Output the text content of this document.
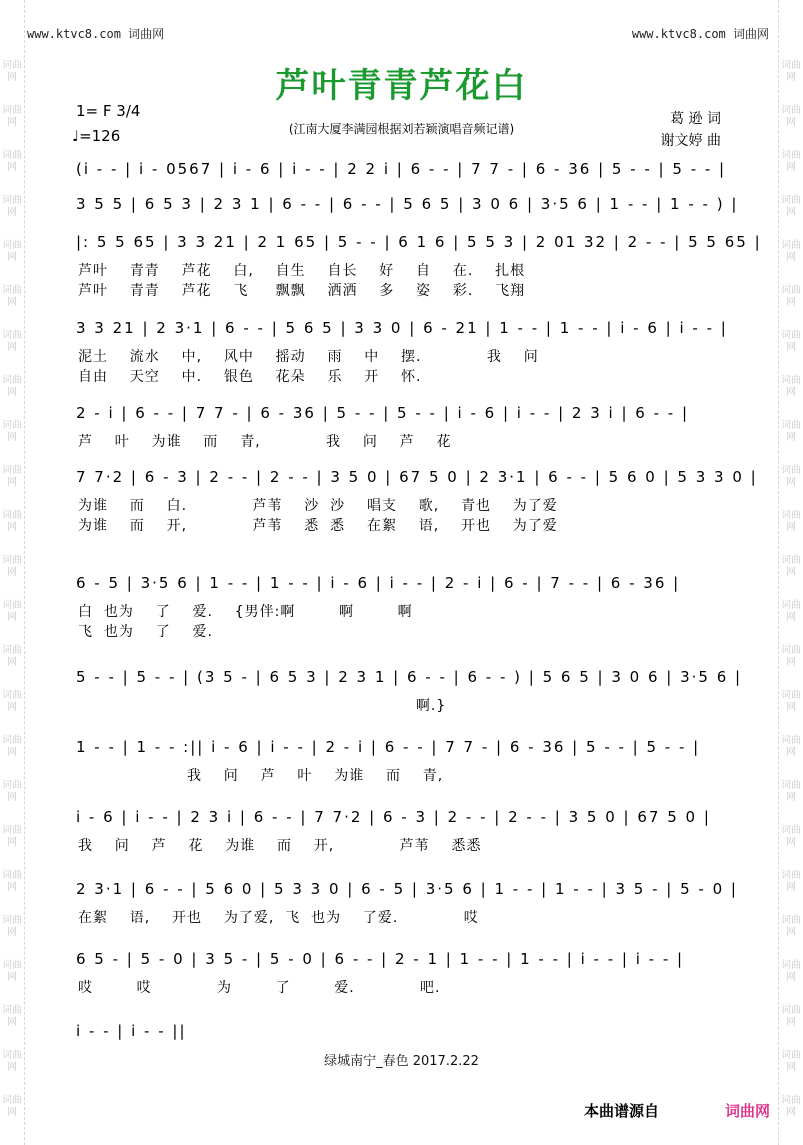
词曲网
词曲网
词曲网
词曲网
词曲网
词曲网
词曲网
词曲网
词曲网
词曲网
词曲网
词曲网
词曲网
词曲网
词曲网
词曲网
词曲网
词曲网
词曲网
词曲网
词曲网
词曲网
词曲网
词曲网
词曲网
词曲网
词曲网
词曲网
词曲网
词曲网
词曲网
词曲网
词曲网
词曲网
词曲网
词曲网
词曲网
词曲网
词曲网
词曲网
词曲网
词曲网
词曲网
词曲网
词曲网
词曲网
词曲网
词曲网
www.ktvc8.com 词曲网	www.ktvc8.com 词曲网
芦叶青青芦花白
(江南大厦李满园根据刘若颖演唱音频记谱)
1= F 3/4
♩=126
葛 逊 词
谢文婷 曲
(i - - | i - 0567 | i - 6 | i - - | 2 2 i | 6 - - | 7 7 - | 6 - 36 | 5 - - | 5 - - |
3 5 5 | 6 5 3 | 2 3 1 | 6 - - | 6 - - | 5 6 5 | 3 0 6 | 3·5 6 | 1 - - | 1 - - ) |
|: 5 5 65 | 3 3 21 | 2 1 65 | 5 - - | 6 1 6 | 5 5 3 | 2 01 32 | 2 - - | 5 5 65 |
芦叶    青青    芦花    白,    自生    自长    好    自    在.    扎根
芦叶    青青    芦花    飞     飘飘    洒洒    多    姿    彩.    飞翔
3 3 21 | 2 3·1 | 6 - - | 5 6 5 | 3 3 0 | 6 - 21 | 1 - - | 1 - - | i - 6 | i - - |
泥土    流水    中,    风中    摇动    雨    中    摆.            我    问
自由    天空    中.    银色    花朵    乐    开    怀.
2 - i | 6 - - | 7 7 - | 6 - 36 | 5 - - | 5 - - | i - 6 | i - - | 2 3 i | 6 - - |
芦    叶    为谁    而    青,            我    问    芦    花
7 7·2 | 6 - 3 | 2 - - | 2 - - | 3 5 0 | 67 5 0 | 2 3·1 | 6 - - | 5 6 0 | 5 3 3 0 |
为谁    而    白.            芦苇    沙  沙    唱支    歌,    青也    为了爱
为谁    而    开,            芦苇    悉  悉    在絮    语,    开也    为了爱
6 - 5 | 3·5 6 | 1 - - | 1 - - | i - 6 | i - - | 2 - i | 6 - | 7 - - | 6 - 36 |
白  也为    了    爱.    {男伴:啊        啊        啊
飞  也为    了    爱.
5 - - | 5 - - | (3 5 - | 6 5 3 | 2 3 1 | 6 - - | 6 - - ) | 5 6 5 | 3 0 6 | 3·5 6 |
啊.}
1 - - | 1 - - :|| i - 6 | i - - | 2 - i | 6 - - | 7 7 - | 6 - 36 | 5 - - | 5 - - |
我    问    芦    叶    为谁    而    青,
i - 6 | i - - | 2 3 i | 6 - - | 7 7·2 | 6 - 3 | 2 - - | 2 - - | 3 5 0 | 67 5 0 |
我    问    芦    花    为谁    而    开,            芦苇    悉悉
2 3·1 | 6 - - | 5 6 0 | 5 3 3 0 | 6 - 5 | 3·5 6 | 1 - - | 1 - - | 3 5 - | 5 - 0 |
在絮    语,    开也    为了爱,  飞  也为    了爱.            哎
6 5 - | 5 - 0 | 3 5 - | 5 - 0 | 6 - - | 2 - 1 | 1 - - | 1 - - | i - - | i - - |
哎        哎            为        了        爱.            吧.
i - - | i - - ||
绿城南宁_春色 2017.2.22
本曲谱源自	词曲网
